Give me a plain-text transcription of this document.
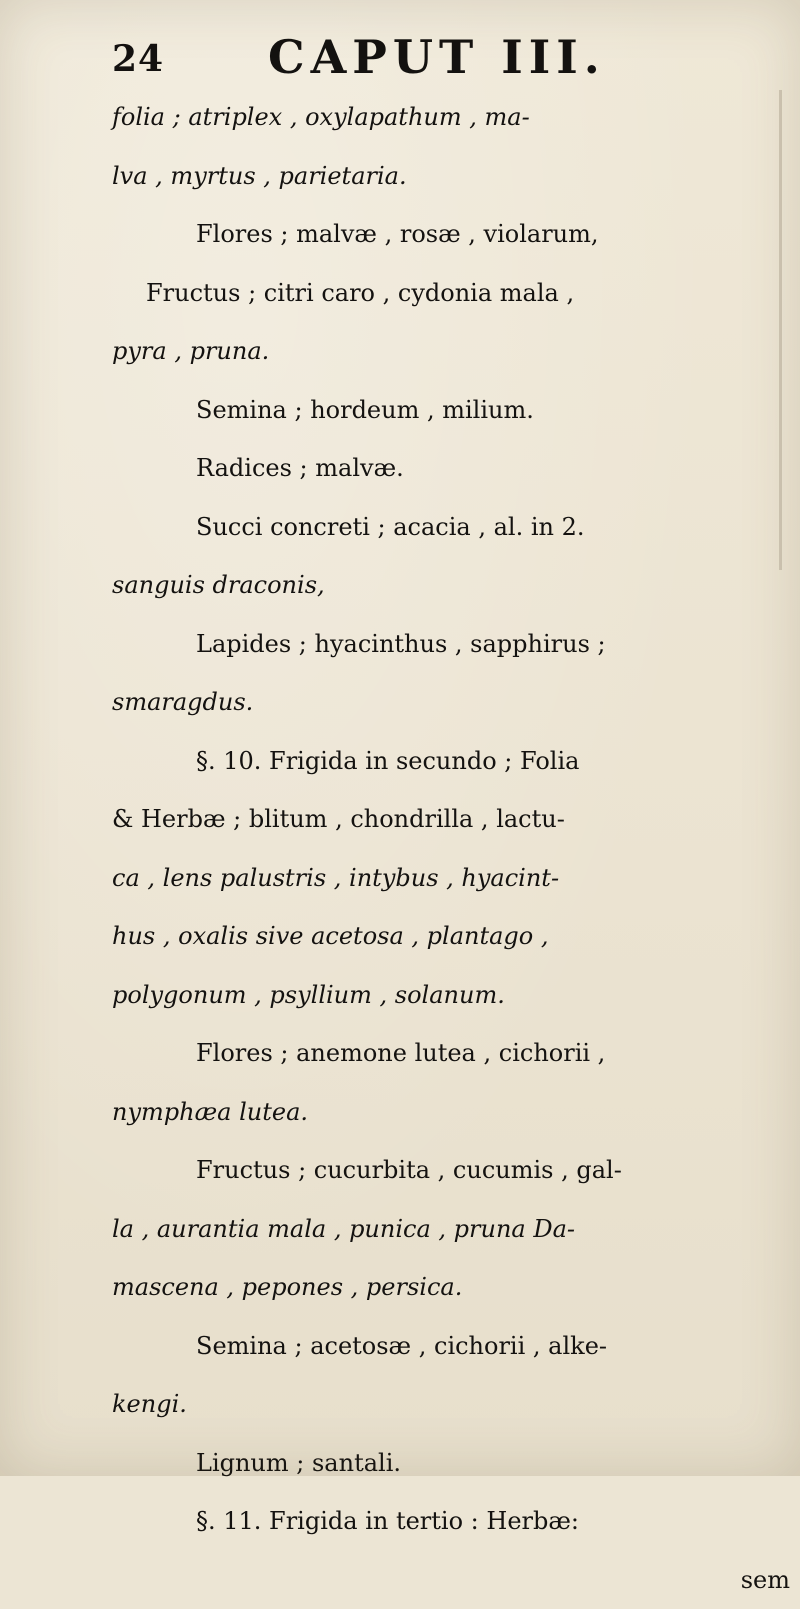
24 CAPUT III.
folia ; atriplex , oxylapathum , ma-
lva , myrtus , parietaria.
Flores ; malvæ , rosæ , violarum,
Fructus ; citri caro , cydonia mala ,
pyra , pruna.
Semina ; hordeum , milium.
Radices ; malvæ.
Succi concreti ; acacia , al. in 2.
sanguis draconis,
Lapides ; hyacinthus , sapphirus ;
smaragdus.
§. 10. Frigida in secundo ; Folia
& Herbæ ; blitum , chondrilla , lactu-
ca , lens palustris , intybus , hyacint-
hus , oxalis sive acetosa , plantago ,
polygonum , psyllium , solanum.
Flores ; anemone lutea , cichorii ,
nymphæa lutea.
Fructus ; cucurbita , cucumis , gal-
la , aurantia mala , punica , pruna Da-
mascena , pepones , persica.
Semina ; acetosæ , cichorii , alke-
kengi.
Lignum ; santali.
§. 11. Frigida in tertio : Herbæ:
sem
